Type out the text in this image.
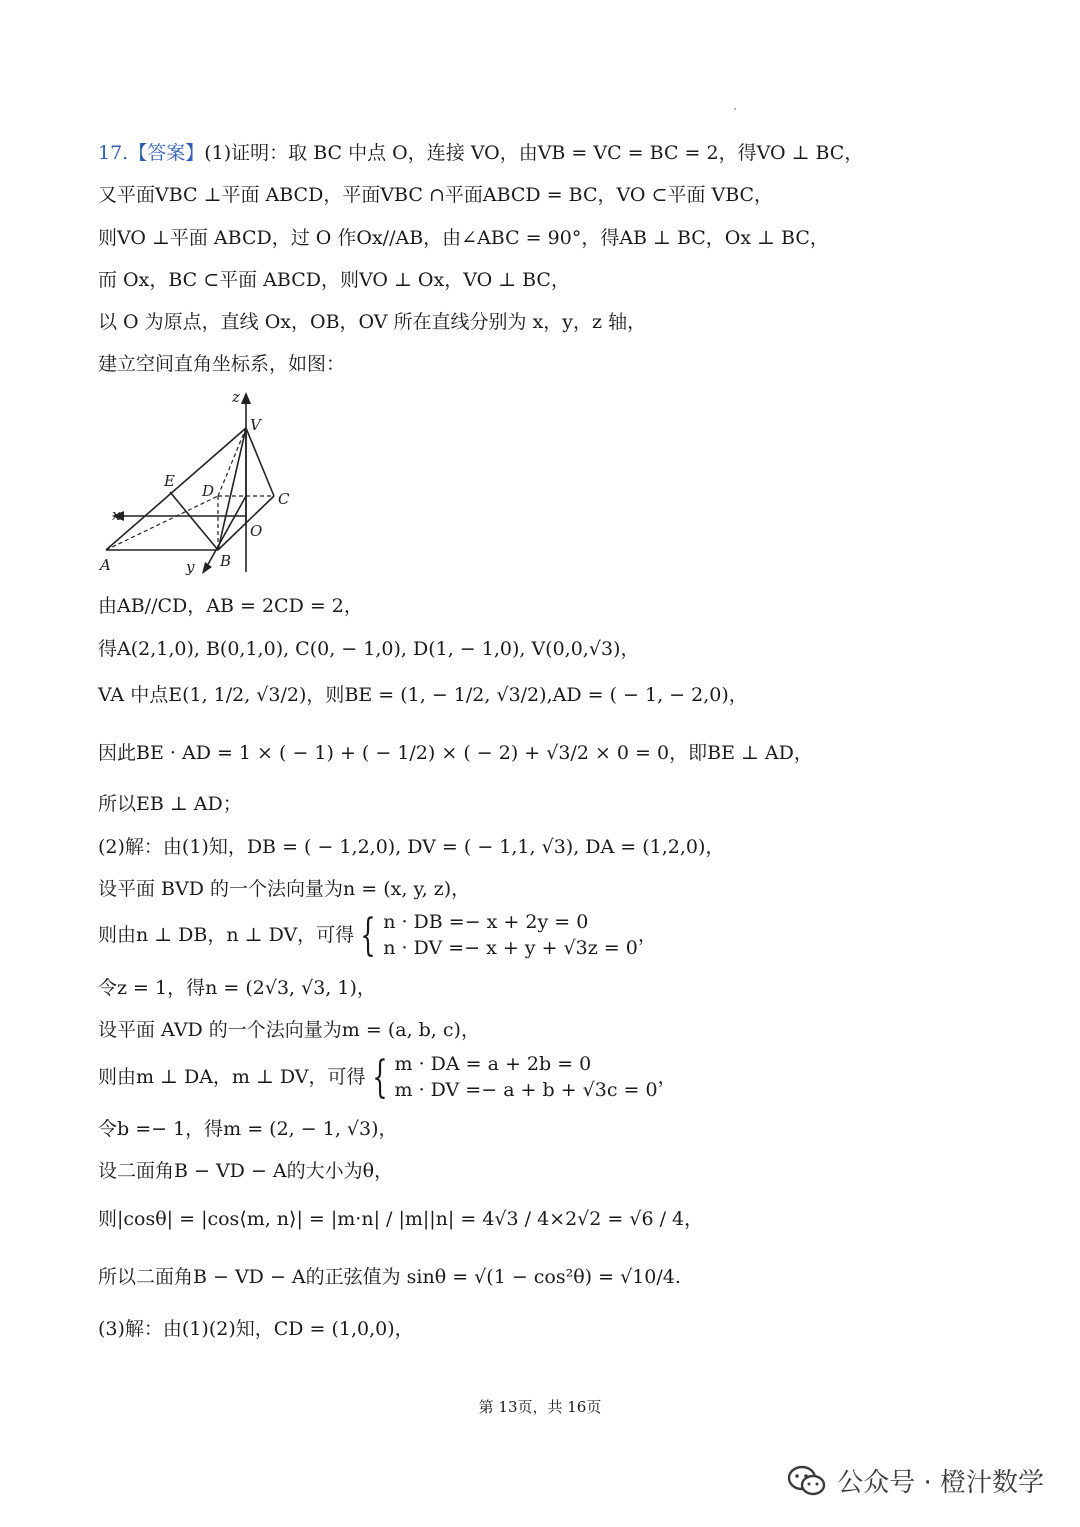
17.【答案】(1)证明：取 BC 中点 O，连接 VO，由VB = VC = BC = 2，得VO ⊥ BC，
又平面VBC ⊥平面 ABCD，平面VBC ∩平面ABCD = BC，VO ⊂平面 VBC，
则VO ⊥平面 ABCD，过 O 作Ox//AB，由∠ABC = 90°，得AB ⊥ BC，Ox ⊥ BC，
而 Ox，BC ⊂平面 ABCD，则VO ⊥ Ox，VO ⊥ BC，
以 O 为原点，直线 Ox，OB，OV 所在直线分别为 x，y，z 轴，
建立空间直角坐标系，如图：
z
V
E
D	C
x
O
A	y B
由AB//CD，AB = 2CD = 2，
得A(2,1,0), B(0,1,0), C(0, − 1,0), D(1, − 1,0), V(0,0,√3)，
VA 中点E(1, 1/2, √3/2)，则BE = (1, − 1/2, √3/2),AD = ( − 1, − 2,0)，
因此BE · AD = 1 × ( − 1) + ( − 1/2) × ( − 2) + √3/2 × 0 = 0，即BE ⊥ AD，
所以EB ⊥ AD；
(2)解：由(1)知，DB = ( − 1,2,0), DV = ( − 1,1, √3), DA = (1,2,0)，
设平面 BVD 的一个法向量为n = (x, y, z)，
则由n ⊥ DB，n ⊥ DV，可得 { n · DB =− x + 2y = 0
n · DV =− x + y + √3z = 0
，
令z = 1，得n = (2√3, √3, 1)，
设平面 AVD 的一个法向量为m = (a, b, c)，
则由m ⊥ DA，m ⊥ DV，可得 { m · DA = a + 2b = 0
m · DV =− a + b + √3c = 0
，
令b =− 1，得m = (2, − 1, √3)，
设二面角B − VD − A的大小为θ，
则|cosθ| = |cos⟨m, n⟩| = |m·n| / |m||n| = 4√3 / 4×2√2 = √6 / 4，
所以二面角B − VD − A的正弦值为 sinθ = √(1 − cos²θ) = √10/4.
(3)解：由(1)(2)知，CD = (1,0,0)，
第 13页，共 16页
公众号 · 橙汁数学
